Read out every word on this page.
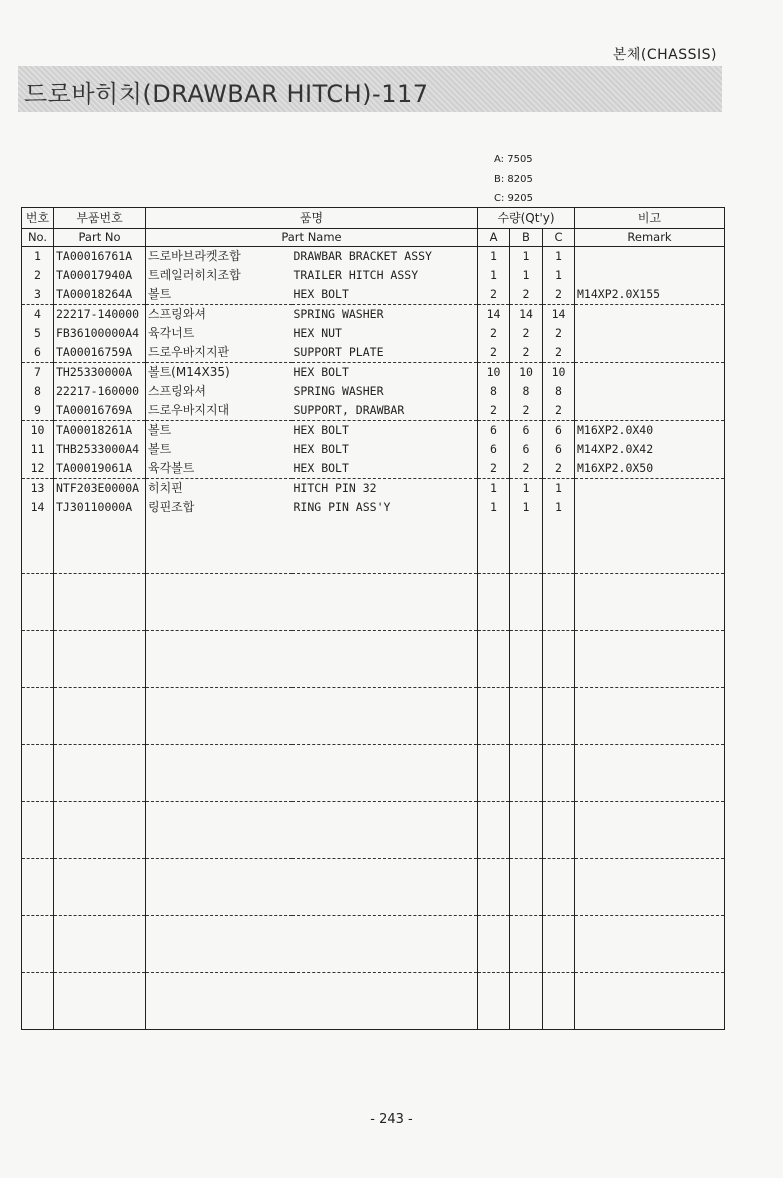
본체(CHASSIS)
드로바히치(DRAWBAR HITCH)-117
A: 7505
B: 8205
C: 9205
번호	부품번호	품명		수량(Qt'y)			비고
No.	Part No	Part Name		A	B	C	Remark
1	TA00016761A	드로바브라켓조합	DRAWBAR BRACKET ASSY	1	1	1	
2	TA00017940A	트레일러히치조합	TRAILER HITCH ASSY	1	1	1	
3	TA00018264A	볼트	HEX BOLT	2	2	2	M14XP2.0X155
4	22217-140000	스프링와셔	SPRING WASHER	14	14	14	
5	FB36100000A4	육각너트	HEX NUT	2	2	2	
6	TA00016759A	드로우바지지판	SUPPORT PLATE	2	2	2	
7	TH25330000A	볼트(M14X35)	HEX BOLT	10	10	10	
8	22217-160000	스프링와셔	SPRING WASHER	8	8	8	
9	TA00016769A	드로우바지지대	SUPPORT, DRAWBAR	2	2	2	
10	TA00018261A	볼트	HEX BOLT	6	6	6	M16XP2.0X40
11	THB2533000A4	볼트	HEX BOLT	6	6	6	M14XP2.0X42
12	TA00019061A	육각볼트	HEX BOLT	2	2	2	M16XP2.0X50
13	NTF203E0000A	히치핀	HITCH PIN 32	1	1	1	
14	TJ30110000A	링핀조합	RING PIN ASS'Y	1	1	1	

- 243 -
